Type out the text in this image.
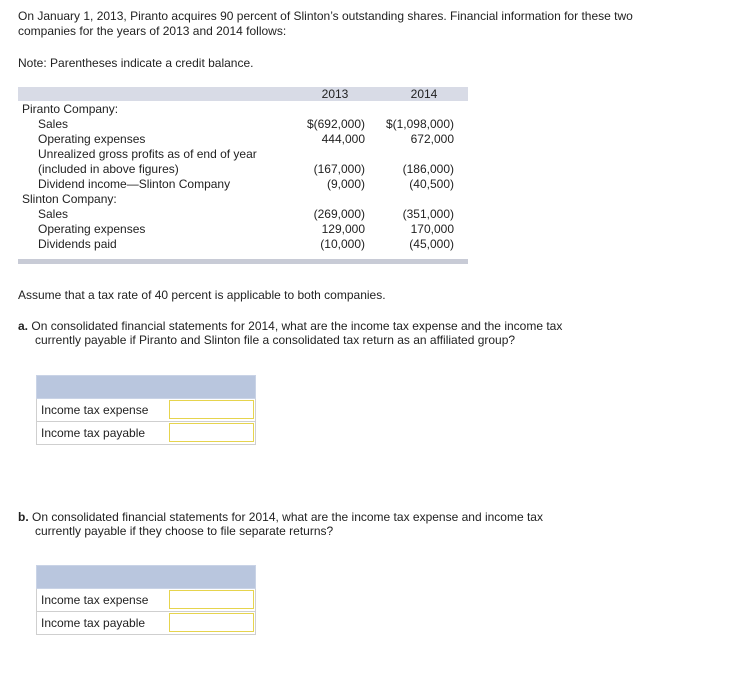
On January 1, 2013, Piranto acquires 90 percent of Slinton’s outstanding shares. Financial information for these two companies for the years of 2013 and 2014 follows:
Note: Parentheses indicate a credit balance.
2013	2014
Piranto Company:
Sales	$(692,000)	$(1,098,000)
Operating expenses	444,000	672,000
Unrealized gross profits as of end of year
(included in above figures)	(167,000)	(186,000)
Dividend income—Slinton Company	(9,000)	(40,500)
Slinton Company:
Sales	(269,000)	(351,000)
Operating expenses	129,000	170,000
Dividends paid	(10,000)	(45,000)
Assume that a tax rate of 40 percent is applicable to both companies.
a. On consolidated financial statements for 2014, what are the income tax expense and the income tax
currently payable if Piranto and Slinton file a consolidated tax return as an affiliated group?
Income tax expense
Income tax payable
b. On consolidated financial statements for 2014, what are the income tax expense and income tax
currently payable if they choose to file separate returns?
Income tax expense
Income tax payable
